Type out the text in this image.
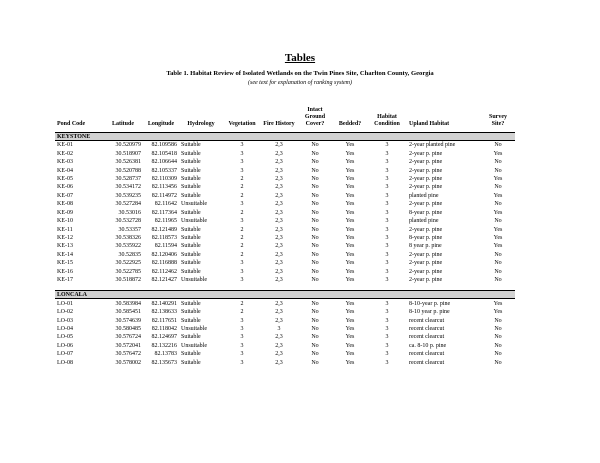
Tables
Table 1. Habitat Review of Isolated Wetlands on the Twin Pines Site, Charlton County, Georgia
(see text for explanation of ranking system)
Pond Code	Latitude	Longitude	Hydrology	Vegetation	Fire History	Intact Ground Cover?	Bedded?	Habitat Condition	Upland Habitat	Survey Site?
KEYSTONE										
KE-01	30.520979	82.109586	Suitable	3	2,3	No	Yes	3	2-year planted pine	No
KE-02	30.518907	82.105418	Suitable	3	2,3	No	Yes	3	2-year p. pine	Yes
KE-03	30.526381	82.106644	Suitable	3	2,3	No	Yes	3	2-year p. pine	No
KE-04	30.520788	82.105337	Suitable	3	2,3	No	Yes	3	2-year p. pine	No
KE-05	30.528737	82.110309	Suitable	2	2,3	No	Yes	3	2-year p. pine	Yes
KE-06	30.534172	82.113456	Suitable	2	2,3	No	Yes	3	2-year p. pine	No
KE-07	30.539235	82.114972	Suitable	2	2,3	No	Yes	3	planted pine	Yes
KE-08	30.527284	82.11642	Unsuitable	3	2,3	No	Yes	3	2-year p. pine	No
KE-09	30.53016	82.117364	Suitable	2	2,3	No	Yes	3	8-year p. pine	Yes
KE-10	30.532728	82.11965	Unsuitable	3	2,3	No	Yes	3	planted pine	No
KE-11	30.53357	82.121489	Suitable	2	2,3	No	Yes	3	2-year p. pine	Yes
KE-12	30.538326	82.118573	Suitable	2	2,3	No	Yes	3	8-year p. pine	Yes
KE-13	30.535922	82.11594	Suitable	2	2,3	No	Yes	3	8 year p. pine	Yes
KE-14	30.52835	82.120406	Suitable	2	2,3	No	Yes	3	2-year p. pine	No
KE-15	30.522925	82.116888	Suitable	3	2,3	No	Yes	3	2-year p. pine	No
KE-16	30.522785	82.112462	Suitable	3	2,3	No	Yes	3	2-year p. pine	No
KE-17	30.518872	82.121427	Unsuitable	3	2,3	No	Yes	3	2-year p. pine	No

LONCALA										
LO-01	30.583984	82.140291	Suitable	2	2,3	No	Yes	3	8-10-year p. pine	Yes
LO-02	30.585451	82.138633	Suitable	2	2,3	No	Yes	3	8-10 year p. pine	Yes
LO-03	30.574639	82.117651	Suitable	3	2,3	No	Yes	3	recent clearcut	No
LO-04	30.580485	82.118042	Unsuitable	3	3	No	Yes	3	recent clearcut	No
LO-05	30.576724	82.124697	Suitable	3	2,3	No	Yes	3	recent clearcut	No
LO-06	30.572041	82.132216	Unsuitable	3	2,3	No	Yes	3	ca. 8-10 p. pine	No
LO-07	30.576472	82.13783	Suitable	3	2,3	No	Yes	3	recent clearcut	No
LO-08	30.578002	82.135673	Suitable	3	2,3	No	Yes	3	recent clearcut	No
